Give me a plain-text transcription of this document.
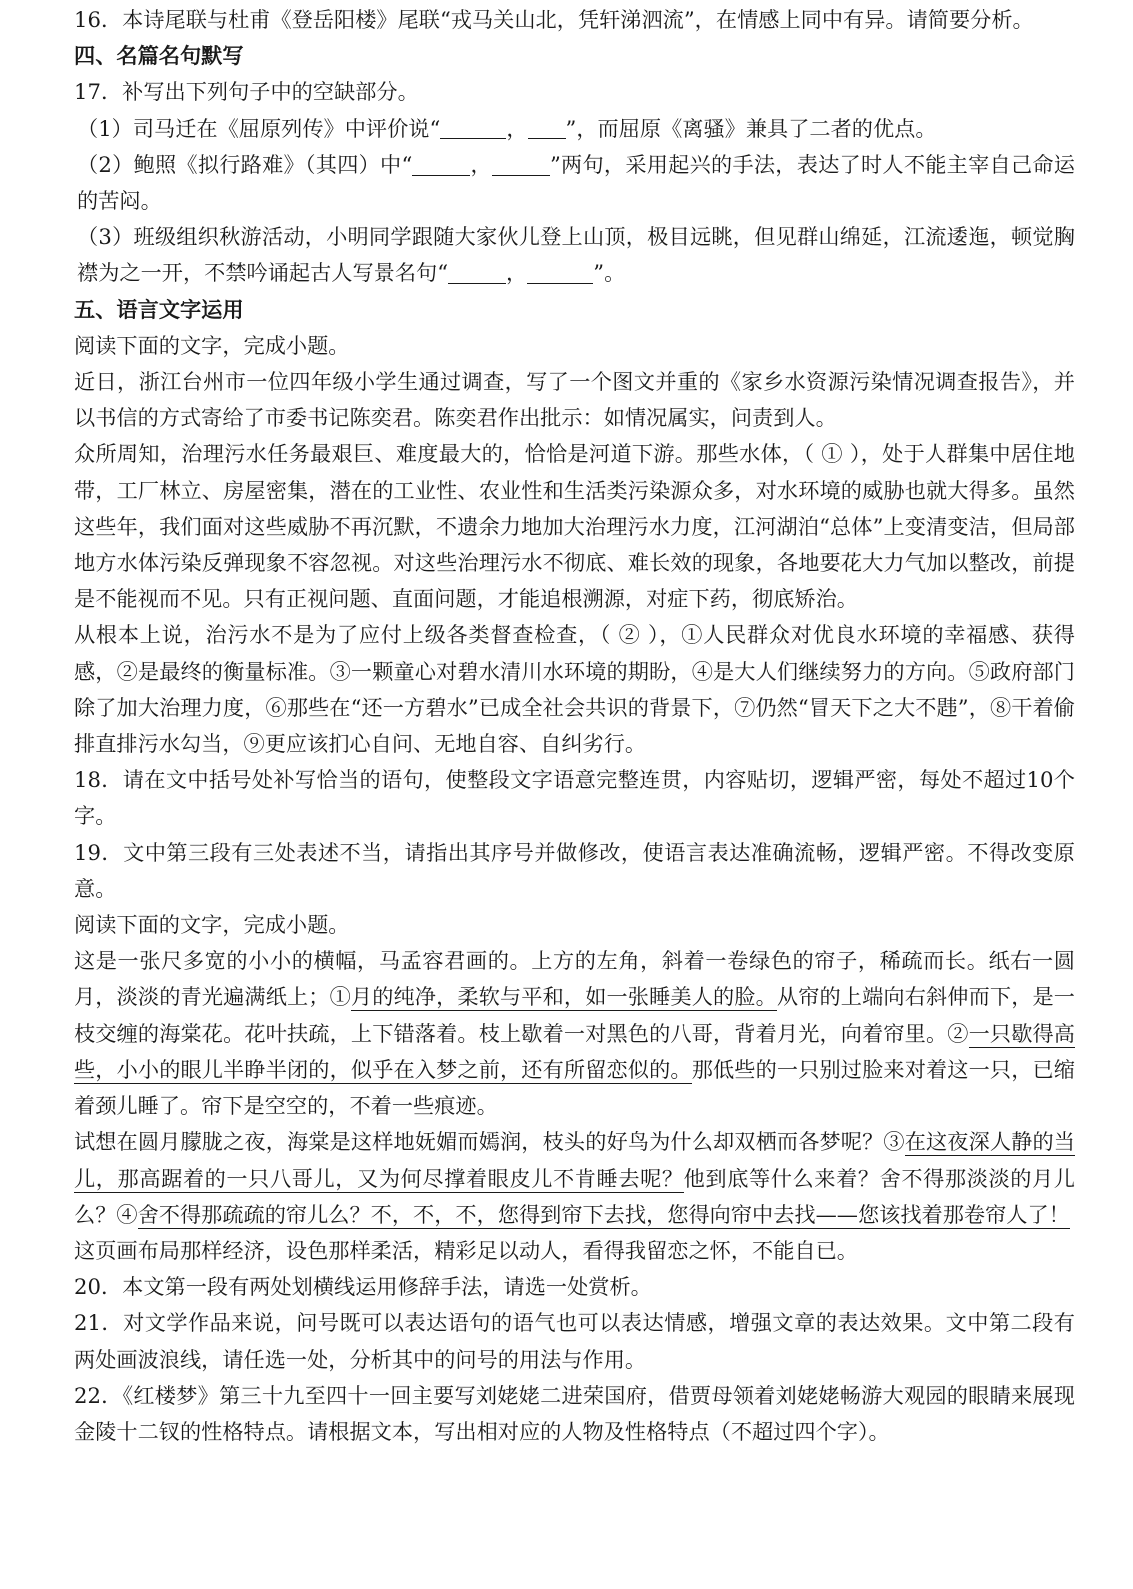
16．本诗尾联与杜甫《登岳阳楼》尾联“戎马关山北，凭轩涕泗流”，在情感上同中有异。请简要分析。

四、名篇名句默写

17．补写出下列句子中的空缺部分。

（1）司马迁在《屈原列传》中评价说“	， ”，而屈原《离骚》兼具了二者的优点。

（2）鲍照《拟行路难》（其四）中“	，	”两句，采用起兴的手法，表达了时人不能主宰自己命运的苦闷。

（3）班级组织秋游活动，小明同学跟随大家伙儿登上山顶，极目远眺，但见群山绵延，江流逶迤，顿觉胸襟为之一开，不禁吟诵起古人写景名句“	，	”。

五、语言文字运用

阅读下面的文字，完成小题。

近日，浙江台州市一位四年级小学生通过调查，写了一个图文并重的《家乡水资源污染情况调查报告》，并以书信的方式寄给了市委书记陈奕君。陈奕君作出批示：如情况属实，问责到人。

众所周知，治理污水任务最艰巨、难度最大的，恰恰是河道下游。那些水体，（ ① ），处于人群集中居住地带，工厂林立、房屋密集，潜在的工业性、农业性和生活类污染源众多，对水环境的威胁也就大得多。虽然这些年，我们面对这些威胁不再沉默，不遗余力地加大治理污水力度，江河湖泊“总体”上变清变洁，但局部地方水体污染反弹现象不容忽视。对这些治理污水不彻底、难长效的现象，各地要花大力气加以整改，前提是不能视而不见。只有正视问题、直面问题，才能追根溯源，对症下药，彻底矫治。

从根本上说，治污水不是为了应付上级各类督查检查，（ ② ），①人民群众对优良水环境的幸福感、获得感，②是最终的衡量标准。③一颗童心对碧水清川水环境的期盼，④是大人们继续努力的方向。⑤政府部门除了加大治理力度，⑥那些在“还一方碧水”已成全社会共识的背景下，⑦仍然“冒天下之大不韪”，⑧干着偷排直排污水勾当，⑨更应该扪心自问、无地自容、自纠劣行。

18．请在文中括号处补写恰当的语句，使整段文字语意完整连贯，内容贴切，逻辑严密，每处不超过10个字。

19．文中第三段有三处表述不当，请指出其序号并做修改，使语言表达准确流畅，逻辑严密。不得改变原意。

阅读下面的文字，完成小题。

这是一张尺多宽的小小的横幅，马孟容君画的。上方的左角，斜着一卷绿色的帘子，稀疏而长。纸右一圆月，淡淡的青光遍满纸上；①月的纯净，柔软与平和，如一张睡美人的脸。从帘的上端向右斜伸而下，是一枝交缠的海棠花。花叶扶疏，上下错落着。枝上歇着一对黑色的八哥，背着月光，向着帘里。②一只歇得高些，小小的眼儿半睁半闭的，似乎在入梦之前，还有所留恋似的。那低些的一只别过脸来对着这一只，已缩着颈儿睡了。帘下是空空的，不着一些痕迹。

试想在圆月朦胧之夜，海棠是这样地妩媚而嫣润，枝头的好鸟为什么却双栖而各梦呢？③在这夜深人静的当儿，那高踞着的一只八哥儿，又为何尽撑着眼皮儿不肯睡去呢？他到底等什么来着？舍不得那淡淡的月儿么？④舍不得那疏疏的帘儿么？不，不，不，您得到帘下去找，您得向帘中去找——您该找着那卷帘人了！

这页画布局那样经济，设色那样柔活，精彩足以动人，看得我留恋之怀，不能自已。

20．本文第一段有两处划横线运用修辞手法，请选一处赏析。

21．对文学作品来说，问号既可以表达语句的语气也可以表达情感，增强文章的表达效果。文中第二段有两处画波浪线，请任选一处，分析其中的问号的用法与作用。

22．《红楼梦》第三十九至四十一回主要写刘姥姥二进荣国府，借贾母领着刘姥姥畅游大观园的眼睛来展现金陵十二钗的性格特点。请根据文本，写出相对应的人物及性格特点（不超过四个字）。
